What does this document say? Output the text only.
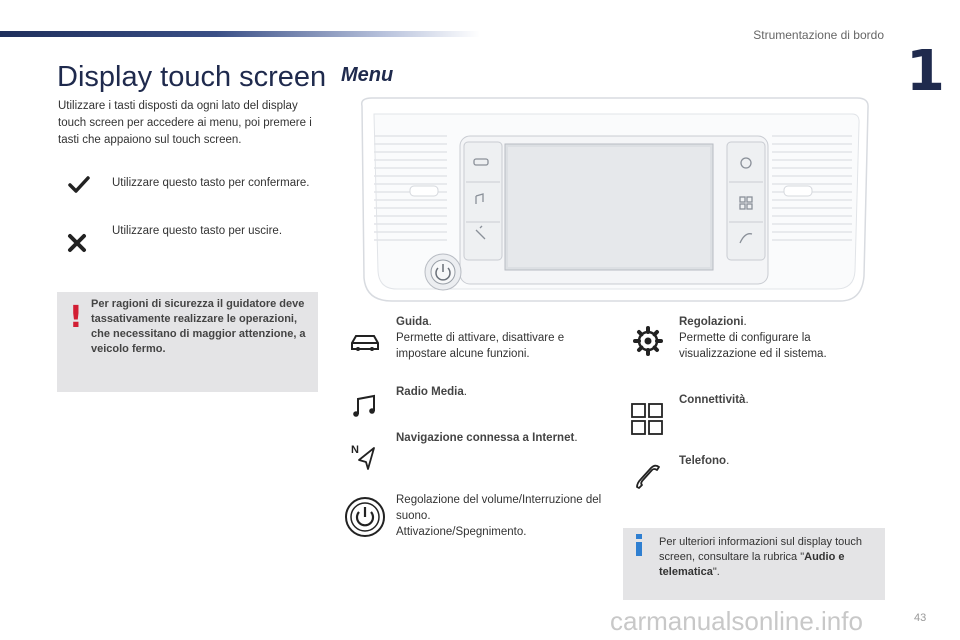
Strumentazione di bordo
1
Display touch screen

Utilizzare i tasti disposti da ogni lato del display touch screen per accedere ai menu, poi premere i tasti che appaiono sul touch screen.

Utilizzare questo tasto per confermare.
Utilizzare questo tasto per uscire.
! Per ragioni di sicurezza il guidatore deve tassativamente realizzare le operazioni, che necessitano di maggior attenzione, a veicolo fermo.
Menu
Guida.
Permette di attivare, disattivare e impostare alcune funzioni.
Radio Media.
N
Navigazione connessa a Internet.
Regolazione del volume/Interruzione del suono.
Attivazione/Spegnimento.
Regolazioni.
Permette di configurare la visualizzazione ed il sistema.
Connettività.
Telefono.
Per ulteriori informazioni sul display touch screen, consultare la rubrica "Audio e telematica".
carmanualsonline.info	43
